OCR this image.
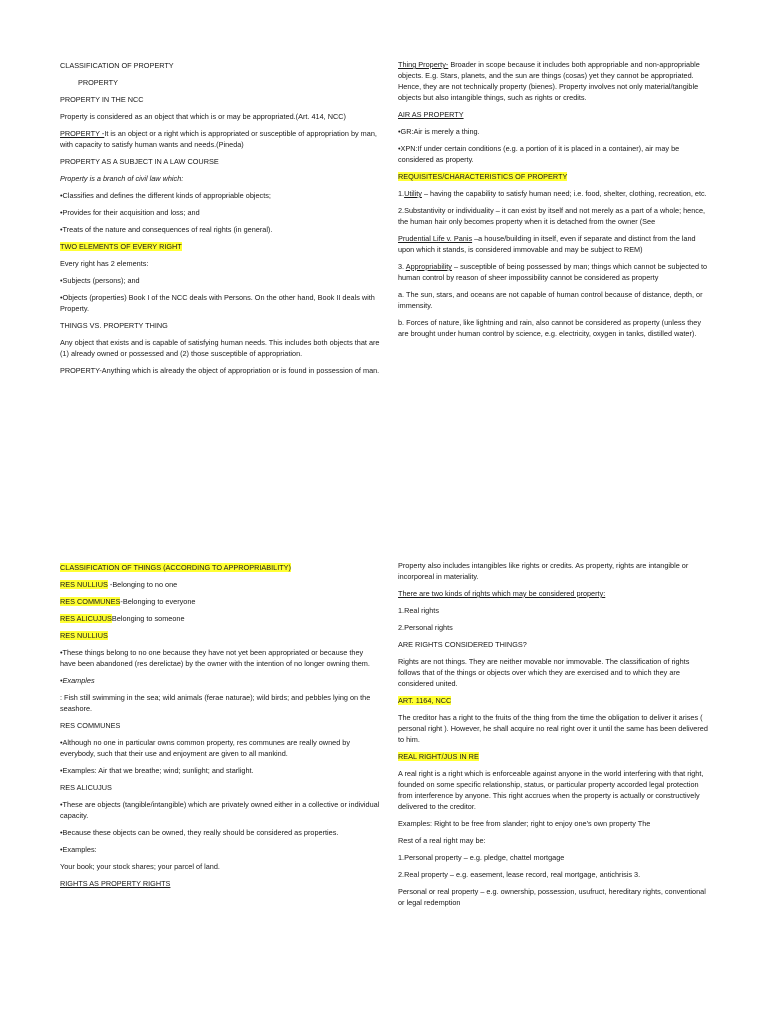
CLASSIFICATION OF PROPERTY

PROPERTY

PROPERTY IN THE NCC

Property is considered as an object that which is or may be appropriated.(Art. 414, NCC)

PROPERTY -It is an object or a right which is appropriated or susceptible of appropriation by man, with capacity to satisfy human wants and needs.(Pineda)

PROPERTY AS A SUBJECT IN A LAW COURSE

Property is a branch of civil law which:

•Classifies and defines the different kinds of appropriable objects;

•Provides for their acquisition and loss; and

•Treats of the nature and consequences of real rights (in general).

TWO ELEMENTS OF EVERY RIGHT

Every right has 2 elements:

•Subjects (persons); and

•Objects (properties) Book I of the NCC deals with Persons. On the other hand, Book II deals with Property.

THINGS VS. PROPERTY THING

Any object that exists and is capable of satisfying human needs. This includes both objects that are (1) already owned or possessed and (2) those susceptible of appropriation.

PROPERTY-Anything which is already the object of appropriation or is found in possession of man.

Thing Property- Broader in scope because it includes both appropriable and non-appropriable objects. E.g. Stars, planets, and the sun are things (cosas) yet they cannot be appropriated. Hence, they are not technically property (bienes). Property involves not only material/tangible objects but also intangible things, such as rights or credits.

AIR AS PROPERTY

•GR:Air is merely a thing.

•XPN:If under certain conditions (e.g. a portion of it is placed in a container), air may be considered as property.

REQUISITES/CHARACTERISTICS OF PROPERTY

1.Utility – having the capability to satisfy human need; i.e. food, shelter, clothing, recreation, etc.

2.Substantivity or individuality – it can exist by itself and not merely as a part of a whole; hence, the human hair only becomes property when it is detached from the owner (See

Prudential Life v. Panis –a house/building in itself, even if separate and distinct from the land upon which it stands, is considered immovable and may be subject to REM)

3. Appropriability – susceptible of being possessed by man; things which cannot be subjected to human control by reason of sheer impossibility cannot be considered as property

a. The sun, stars, and oceans are not capable of human control because of distance, depth, or immensity.

b. Forces of nature, like lightning and rain, also cannot be considered as property (unless they are brought under human control by science, e.g. electricity, oxygen in tanks, distilled water).

CLASSIFICATION OF THINGS (ACCORDING TO APPROPRIABILITY)

RES NULLIUS -Belonging to no one

RES COMMUNES-Belonging to everyone

RES ALICUJUSBelonging to someone

RES NULLIUS

•These things belong to no one because they have not yet been appropriated or because they have been abandoned (res derelictae) by the owner with the intention of no longer owning them.

•Examples

: Fish still swimming in the sea; wild animals (ferae naturae); wild birds; and pebbles lying on the seashore.

RES COMMUNES

•Although no one in particular owns common property, res communes are really owned by everybody, such that their use and enjoyment are given to all mankind.

•Examples: Air that we breathe; wind; sunlight; and starlight.

RES ALICUJUS

•These are objects (tangible/intangible) which are privately owned either in a collective or individual capacity.

•Because these objects can be owned, they really should be considered as properties.

•Examples:

Your book; your stock shares; your parcel of land.

RIGHTS AS PROPERTY RIGHTS

Property also includes intangibles like rights or credits. As property, rights are intangible or incorporeal in materiality.

There are two kinds of rights which may be considered property:

1.Real rights

2.Personal rights

ARE RIGHTS CONSIDERED THINGS?

Rights are not things. They are neither movable nor immovable. The classification of rights follows that of the things or objects over which they are exercised and to which they are considered united.

ART. 1164, NCC

The creditor has a right to the fruits of the thing from the time the obligation to deliver it arises ( personal right ). However, he shall acquire no real right over it until the same has been delivered to him.

REAL RIGHT/JUS IN RE

A real right is a right which is enforceable against anyone in the world interfering with that right, founded on some specific relationship, status, or particular property accorded legal protection from interference by anyone. This right accrues when the property is actually or constructively delivered to the creditor.

Examples: Right to be free from slander; right to enjoy one's own property The

Rest of a real right may be:

1.Personal property – e.g. pledge, chattel mortgage

2.Real property – e.g. easement, lease record, real mortgage, antichrisis 3.

Personal or real property – e.g. ownership, possession, usufruct, hereditary rights, conventional or legal redemption
